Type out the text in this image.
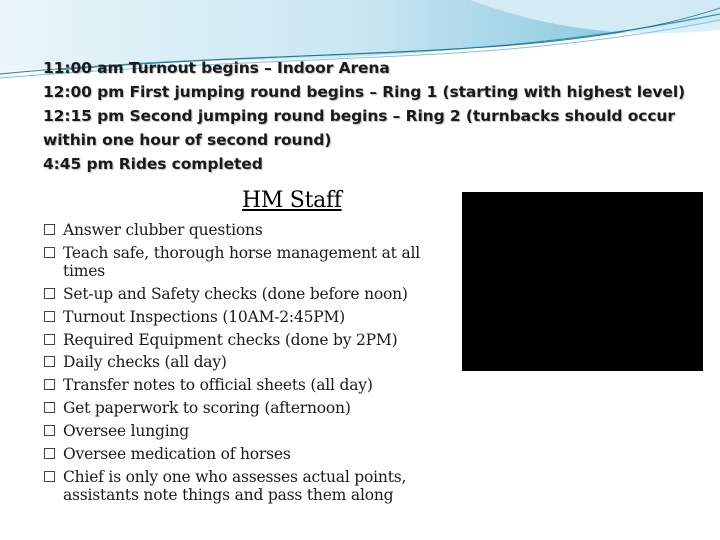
11:00 am Turnout begins – Indoor Arena
12:00 pm First jumping round begins – Ring 1 (starting with highest level)
12:15 pm Second jumping round begins – Ring 2 (turnbacks should occur
within one hour of second round)
4:45 pm Rides completed
HM Staff
Answer clubber questions
Teach safe, thorough horse management at all times
Set-up and Safety checks (done before noon)
Turnout Inspections (10AM-2:45PM)
Required Equipment checks (done by 2PM)
Daily checks (all day)
Transfer notes to official sheets (all day)
Get paperwork to scoring (afternoon)
Oversee lunging
Oversee medication of horses
Chief is only one who assesses actual points, assistants note things and pass them along
